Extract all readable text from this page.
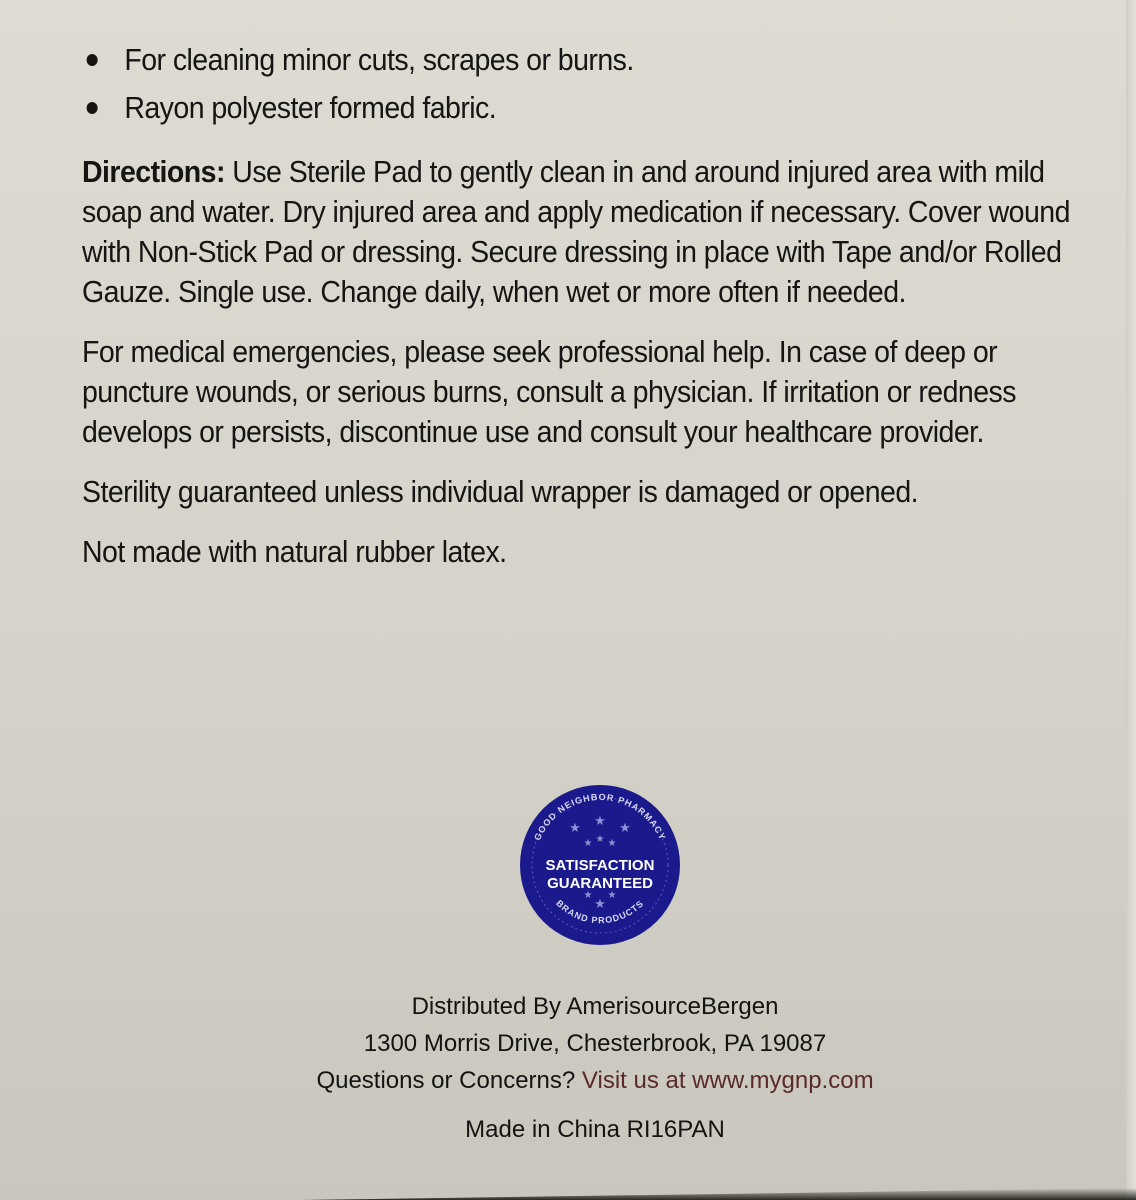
For cleaning minor cuts, scrapes or burns.
Rayon polyester formed fabric.

Directions: Use Sterile Pad to gently clean in and around injured area with mild soap and water. Dry injured area and apply medication if necessary. Cover wound with Non-Stick Pad or dressing. Secure dressing in place with Tape and/or Rolled Gauze. Single use. Change daily, when wet or more often if needed.

For medical emergencies, please seek professional help. In case of deep or puncture wounds, or serious burns, consult a physician. If irritation or redness develops or persists, discontinue use and consult your healthcare provider.

Sterility guaranteed unless individual wrapper is damaged or opened.

Not made with natural rubber latex.

GOOD NEIGHBOR PHARMACY
BRAND PRODUCTS
★ ★ ★
★ ★ ★
★
★
★
SATISFACTION
GUARANTEED
Distributed By AmerisourceBergen
1300 Morris Drive, Chesterbrook, PA 19087
Questions or Concerns? Visit us at www.mygnp.com
Made in China RI16PAN
